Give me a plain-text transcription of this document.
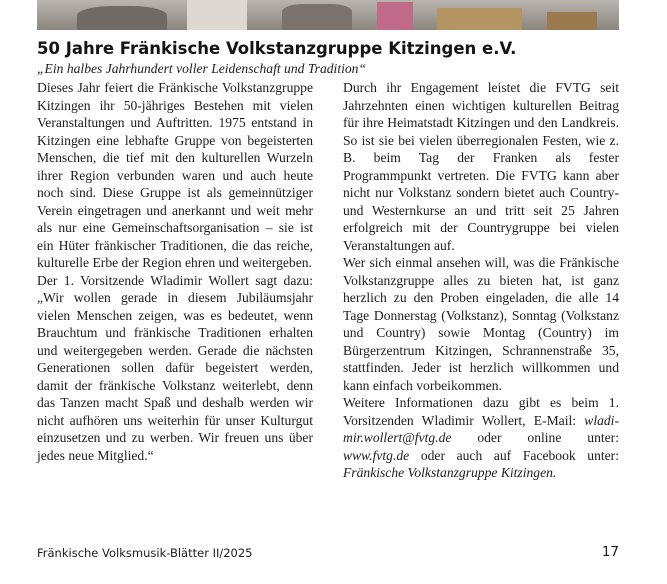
50 Jahre Fränkische Volkstanzgruppe Kitzingen e.V.
„Ein halbes Jahrhundert voller Leidenschaft und Tradition“

Dieses Jahr feiert die Fränkische Volkstanzgruppe Kitzingen ihr 50-jähriges Bestehen mit vielen Veranstaltungen und Auftritten. 1975 entstand in Kitzingen eine lebhafte Gruppe von begeisterten Menschen, die tief mit den kulturellen Wurzeln ihrer Region verbunden waren und auch heute noch sind. Diese Gruppe ist als gemeinnütziger Verein eingetragen und anerkannt und weit mehr als nur eine Gemeinschaftsorganisation – sie ist ein Hüter fränkischer Traditionen, die das reiche, kulturelle Erbe der Region ehren und weitergeben.

Der 1. Vorsitzende Wladimir Wollert sagt dazu: „Wir wollen gerade in diesem Jubiläumsjahr vielen Menschen zeigen, was es bedeutet, wenn Brauchtum und fränkische Traditionen erhalten und weitergegeben werden. Gerade die nächsten Generationen sollen dafür begeistert werden, damit der fränkische Volkstanz weiterlebt, denn das Tanzen macht Spaß und deshalb werden wir nicht aufhören uns weiterhin für unser Kulturgut einzusetzen und zu werben. Wir freuen uns über jedes neue Mitglied.“

Durch ihr Engagement leistet die FVTG seit Jahrzehnten einen wichtigen kulturellen Beitrag für ihre Heimatstadt Kitzingen und den Landkreis. So ist sie bei vielen überregionalen Festen, wie z. B. beim Tag der Franken als fester Programmpunkt vertreten. Die FVTG kann aber nicht nur Volkstanz sondern bietet auch Country- und Westernkurse an und tritt seit 25 Jahren erfolgreich mit der Countrygruppe bei vielen Veranstaltungen auf.

Wer sich einmal ansehen will, was die Fränkische Volkstanzgruppe alles zu bieten hat, ist ganz herzlich zu den Proben eingeladen, die alle 14 Tage Donnerstag (Volkstanz), Sonntag (Volkstanz und Country) sowie Montag (Country) im Bürgerzentrum Kitzingen, Schrannenstraße 35, stattfinden. Jeder ist herzlich willkommen und kann einfach vorbeikommen.

Weitere Informationen dazu gibt es beim 1. Vorsitzenden Wladimir Wollert, E-Mail: wladimir.wollert@fvtg.de oder online unter: www.fvtg.de oder auch auf Facebook unter: Fränkische Volkstanzgruppe Kitzingen.

Fränkische Volksmusik-Blätter II/2025	17
